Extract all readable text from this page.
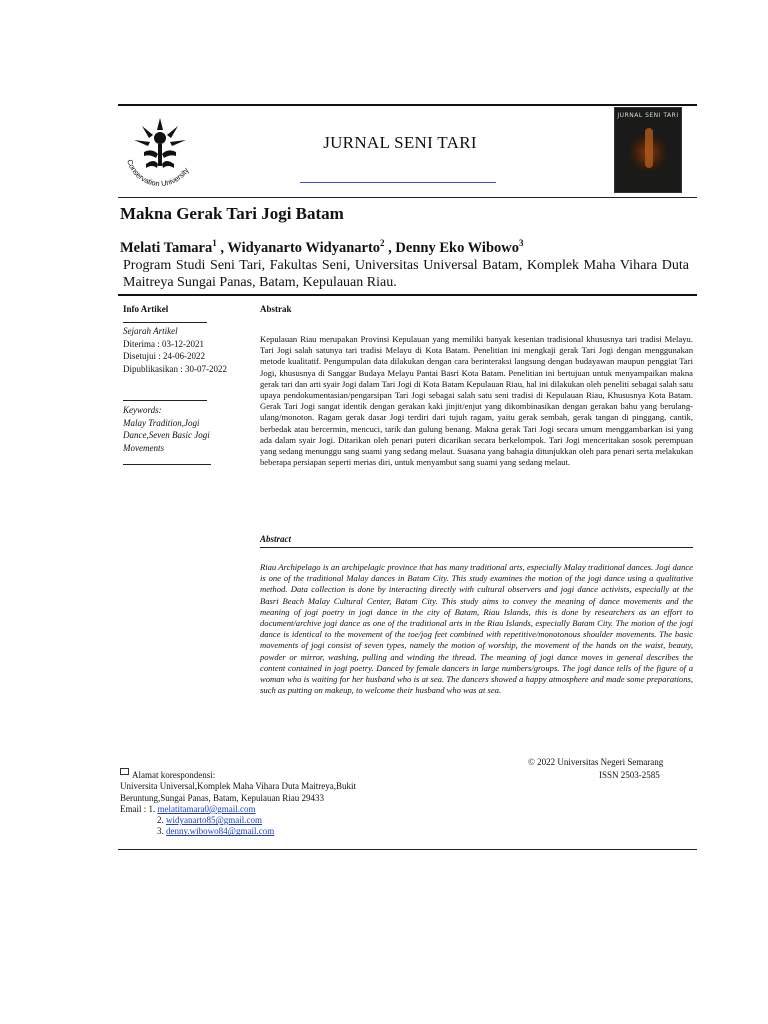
Conservation University
JURNAL SENI TARI
JURNAL SENI TARI
Makna Gerak Tari Jogi Batam
Melati Tamara$^1$ , Widyanarto Widyanarto$^2$ , Denny Eko Wibowo$^3$
Program Studi Seni Tari, Fakultas Seni, Universitas Universal Batam, Komplek Maha Vihara Duta Maitreya Sungai Panas, Batam, Kepulauan Riau.
Info Artikel
Sejarah Artikel
Diterima : 03-12-2021
Disetujui : 24-06-2022
Dipublikasikan : 30-07-2022
Keywords:
Malay Tradition,Jogi
Dance,Seven Basic Jogi
Movements
Abstrak
Kepulauan Riau merupakan Provinsi Kepulauan yang memiliki banyak kesenian tradisional khususnya tari tradisi Melayu. Tari Jogi salah satunya tari tradisi Melayu di Kota Batam. Penelitian ini mengkaji gerak Tari Jogi dengan menggunakan metode kualitatif. Pengumpulan data dilakukan dengan cara berinteraksi langsung dengan budayawan maupun penggiat Tari Jogi, khususnya di Sanggar Budaya Melayu Pantai Basri Kota Batam. Penelitian ini bertujuan untuk menyampaikan makna gerak tari dan arti syair Jogi dalam Tari Jogi di Kota Batam Kepulauan Riau, hal ini dilakukan oleh peneliti sebagai salah satu upaya pendokumentasian/pengarsipan Tari Jogi sebagai salah satu seni tradisi di Kepulauan Riau, Khususnya Kota Batam. Gerak Tari Jogi sangat identik dengan gerakan kaki jinjit/enjut yang dikombinasikan dengan gerakan bahu yang berulang-ulang/monoton. Ragam gerak dasar Jogi terdiri dari tujuh ragam, yaitu gerak sembah, gerak tangan di pinggang, cantik, berbedak atau bercermin, mencuci, tarik dan gulung benang. Makna gerak Tari Jogi secara umum menggambarkan isi yang ada dalam syair Jogi. Ditarikan oleh penari puteri dicarikan secara berkelompok. Tari Jogi menceritakan sosok perempuan yang sedang menunggu sang suami yang sedang melaut. Suasana yang bahagia ditunjukkan oleh para penari serta melakukan beberapa persiapan seperti merias diri, untuk menyambut sang suami yang sedang melaut.
Abstract
Riau Archipelago is an archipelagic province that has many traditional arts, especially Malay traditional dances. Jogi dance is one of the traditional Malay dances in Batam City. This study examines the motion of the jogi dance using a qualitative method. Data collection is done by interacting directly with cultural observers and jogi dance activists, especially at the Basri Beach Malay Cultural Center, Batam City. This study aims to convey the meaning of dance movements and the meaning of jogi poetry in jogi dance in the city of Batam, Riau Islands, this is done by researchers as an effort to document/archive jogi dance as one of the traditional arts in the Riau Islands, especially Batam City. The motion of the jogi dance is identical to the movement of the toe/jog feet combined with repetitive/monotonous shoulder movements. The basic movements of jogi consist of seven types, namely the motion of worship, the movement of the hands on the waist, beauty, powder or mirror, washing, pulling and winding the thread. The meaning of jogi dance moves in general describes the content contained in jogi poetry. Danced by female dancers in large numbers/groups. The jogi dance tells of the figure of a woman who is waiting for her husband who is at sea. The dancers showed a happy atmosphere and made some preparations, such as putting on makeup, to welcome their husband who was at sea.
© 2022 Universitas Negeri Semarang
ISSN 2503-2585
Alamat korespondensi:
Universita Universal,Komplek Maha Vihara Duta Maitreya,Bukit
Beruntung,Sungai Panas, Batam, Kepulauan Riau 29433
Email : 1. melatitamara0@gmail.com
2. widyanarto85@gmail.com
3. denny.wibowo84@gmail.com
